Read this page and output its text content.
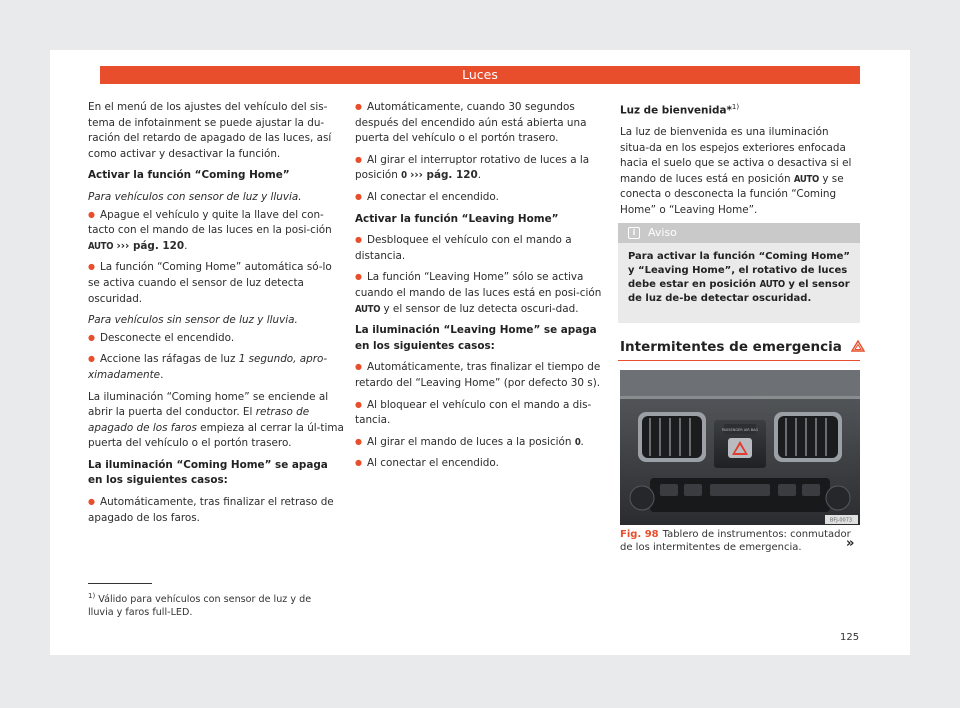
Luces

En el menú de los ajustes del vehículo del sis-tema de infotainment se puede ajustar la du-ración del retardo de apagado de las luces, así como activar y desactivar la función.

Activar la función “Coming Home”

Para vehículos con sensor de luz y lluvia.

● Apague el vehículo y quite la llave del con-tacto con el mando de las luces en la posi-ción AUTO ››› pág. 120.

● La función “Coming Home” automática só-lo se activa cuando el sensor de luz detecta oscuridad.

Para vehículos sin sensor de luz y lluvia.

● Desconecte el encendido.

● Accione las ráfagas de luz 1 segundo, apro-ximadamente.

La iluminación “Coming home” se enciende al abrir la puerta del conductor. El retraso de apagado de los faros empieza al cerrar la úl-tima puerta del vehículo o el portón trasero.

La iluminación “Coming Home” se apaga en los siguientes casos:

● Automáticamente, tras finalizar el retraso de apagado de los faros.

● Automáticamente, cuando 30 segundos después del encendido aún está abierta una puerta del vehículo o el portón trasero.

● Al girar el interruptor rotativo de luces a la posición 0 ››› pág. 120.

● Al conectar el encendido.

Activar la función “Leaving Home”

● Desbloquee el vehículo con el mando a distancia.

● La función “Leaving Home” sólo se activa cuando el mando de las luces está en posi-ción AUTO y el sensor de luz detecta oscuri-dad.

La iluminación “Leaving Home” se apaga en los siguientes casos:

● Automáticamente, tras finalizar el tiempo de retardo del “Leaving Home” (por defecto 30 s).

● Al bloquear el vehículo con el mando a dis-tancia.

● Al girar el mando de luces a la posición 0.

● Al conectar el encendido.

Luz de bienvenida*$^{1)}$

La luz de bienvenida es una iluminación situa-da en los espejos exteriores enfocada hacia el suelo que se activa o desactiva si el mando de luces está en posición AUTO y se conecta o desconecta la función “Coming Home” o “Leaving Home”.

i Aviso
Para activar la función “Coming Home” y “Leaving Home”, el rotativo de luces debe estar en posición AUTO y el sensor de luz de-be detectar oscuridad.
Intermitentes de emergencia
PASSENGER AIR BAG
BFJ-0073
Fig. 98 Tablero de instrumentos: conmutador de los intermitentes de emergencia.	»
$^{1)}$ Válido para vehículos con sensor de luz y de lluvia y faros full-LED.
125
